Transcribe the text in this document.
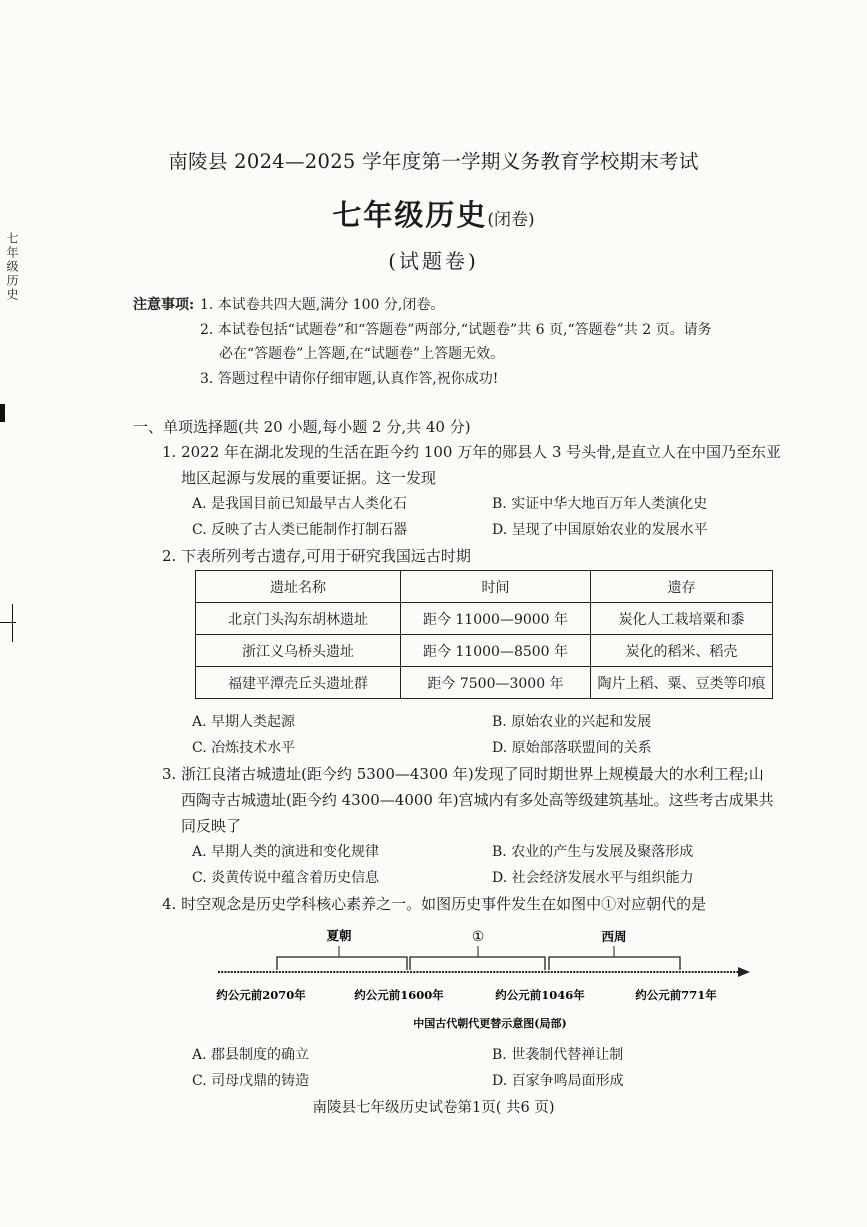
七年级历史
南陵县 2024—2025 学年度第一学期义务教育学校期末考试
七年级历史(闭卷)
(试题卷)
注意事项: 1. 本试卷共四大题,满分 100 分,闭卷。
2. 本试卷包括“试题卷”和“答题卷”两部分,“试题卷”共 6 页,“答题卷”共 2 页。请务
必在“答题卷”上答题,在“试题卷”上答题无效。
3. 答题过程中请你仔细审题,认真作答,祝你成功!
一、单项选择题(共 20 小题,每小题 2 分,共 40 分)
1. 2022 年在湖北发现的生活在距今约 100 万年的郧县人 3 号头骨,是直立人在中国乃至东亚
地区起源与发展的重要证据。这一发现
A. 是我国目前已知最早古人类化石	B. 实证中华大地百万年人类演化史
C. 反映了古人类已能制作打制石器	D. 呈现了中国原始农业的发展水平
2. 下表所列考古遗存,可用于研究我国远古时期
遗址名称	时间	遗存
北京门头沟东胡林遗址	距今 11000—9000 年	炭化人工栽培粟和黍
浙江义乌桥头遗址	距今 11000—8500 年	炭化的稻米、稻壳
福建平潭壳丘头遗址群	距今 7500—3000 年	陶片上稻、粟、豆类等印痕
A. 早期人类起源	B. 原始农业的兴起和发展
C. 冶炼技术水平	D. 原始部落联盟间的关系
3. 浙江良渚古城遗址(距今约 5300—4300 年)发现了同时期世界上规模最大的水利工程;山
西陶寺古城遗址(距今约 4300—4000 年)宫城内有多处高等级建筑基址。这些考古成果共
同反映了
A. 早期人类的演进和变化规律	B. 农业的产生与发展及聚落形成
C. 炎黄传说中蕴含着历史信息	D. 社会经济发展水平与组织能力
4. 时空观念是历史学科核心素养之一。如图历史事件发生在如图中①对应朝代的是
夏朝	①	西周
约公元前2070年	约公元前1600年	约公元前1046年	约公元前771年
中国古代朝代更替示意图(局部)
A. 郡县制度的确立	B. 世袭制代替禅让制
C. 司母戊鼎的铸造	D. 百家争鸣局面形成
南陵县七年级历史试卷第1页( 共6 页)
